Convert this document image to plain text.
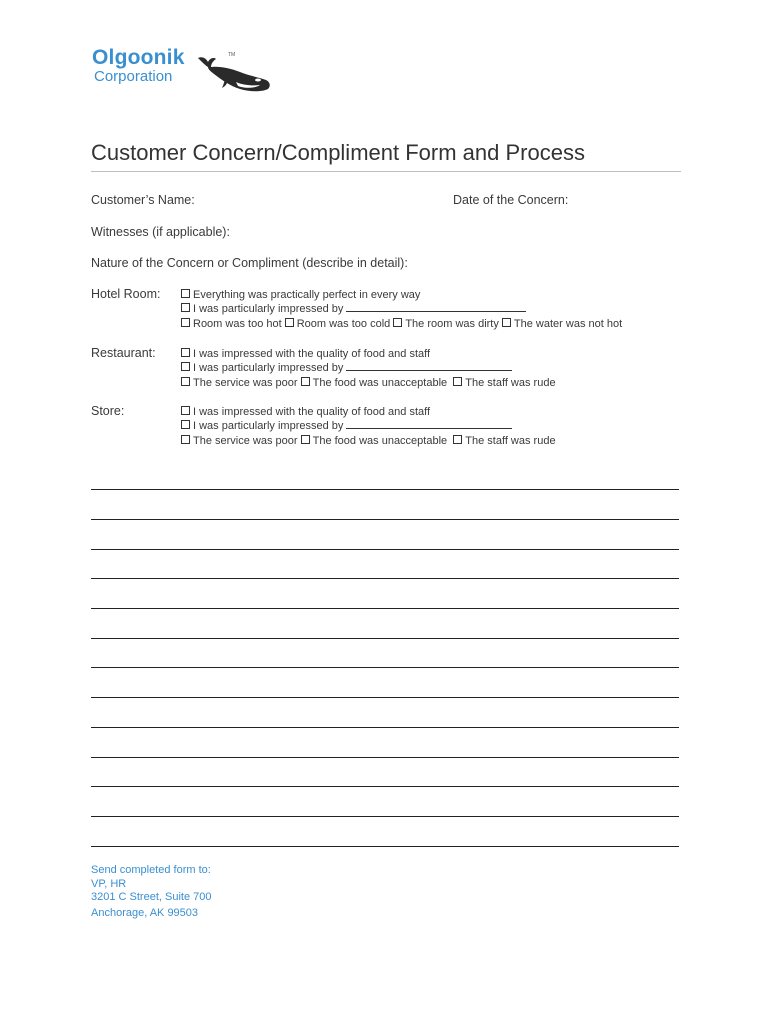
Olgoonik	TM
Corporation
Customer Concern/Compliment Form and Process
Customer’s Name:	Date of the Concern:
Witnesses (if applicable):
Nature of the Concern or Compliment (describe in detail):
Hotel Room:	Everything was practically perfect in every way
I was particularly impressed by
Room was too hot Room was too cold The room was dirty The water was not hot
Restaurant:	I was impressed with the quality of food and staff
I was particularly impressed by
The service was poor The food was unacceptable The staff was rude
Store:	I was impressed with the quality of food and staff
I was particularly impressed by
The service was poor The food was unacceptable The staff was rude
Send completed form to:
VP, HR
3201 C Street, Suite 700
Anchorage, AK 99503
